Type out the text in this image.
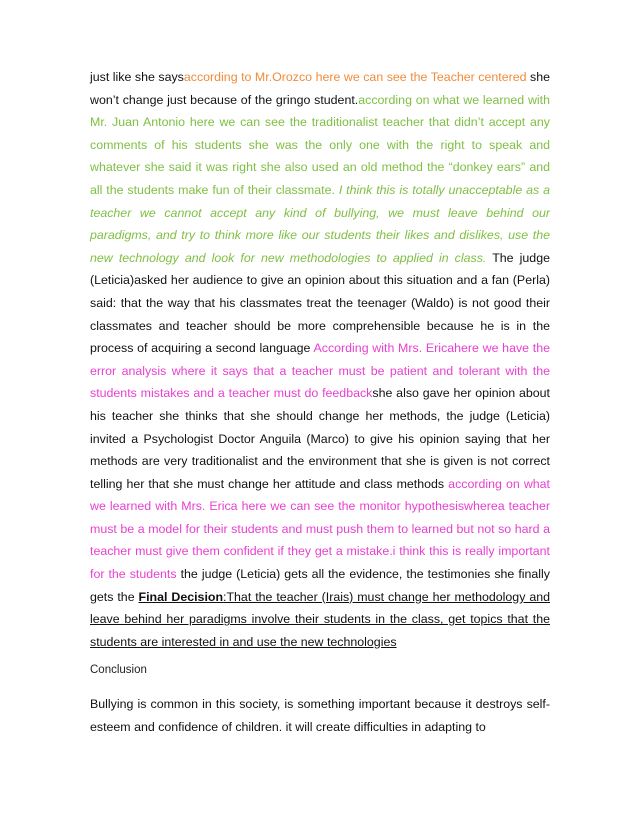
just like she saysaccording to Mr.Orozco here we can see the Teacher centered she won’t change just because of the gringo student.according on what we learned with Mr. Juan Antonio here we can see the traditionalist teacher that didn’t accept any comments of his students she was the only one with the right to speak and whatever she said it was right she also used an old method the “donkey ears” and all the students make fun of their classmate. I think this is totally unacceptable as a teacher we cannot accept any kind of bullying, we must leave behind our paradigms, and try to think more like our students their likes and dislikes, use the new technology and look for new methodologies to applied in class. The judge (Leticia)asked her audience to give an opinion about this situation and a fan (Perla) said: that the way that his classmates treat the teenager (Waldo) is not good their classmates and teacher should be more comprehensible because he is in the process of acquiring a second language According with Mrs. Ericahere we have the error analysis where it says that a teacher must be patient and tolerant with the students mistakes and a teacher must do feedbackshe also gave her opinion about his teacher she thinks that she should change her methods, the judge (Leticia) invited a Psychologist Doctor Anguila (Marco) to give his opinion saying that her methods are very traditionalist and the environment that she is given is not correct telling her that she must change her attitude and class methods according on what we learned with Mrs. Erica here we can see the monitor hypothesiswherea teacher must be a model for their students and must push them to learned but not so hard a teacher must give them confident if they get a mistake.i think this is really important for the students the judge (Leticia) gets all the evidence, the testimonies she finally gets the Final Decision:That the teacher (Irais) must change her methodology and leave behind her paradigms involve their students in the class, get topics that the students are interested in and use the new technologies

Conclusion

Bullying is common in this society, is something important because it destroys self-esteem and confidence of children. it will create difficulties in adapting to
